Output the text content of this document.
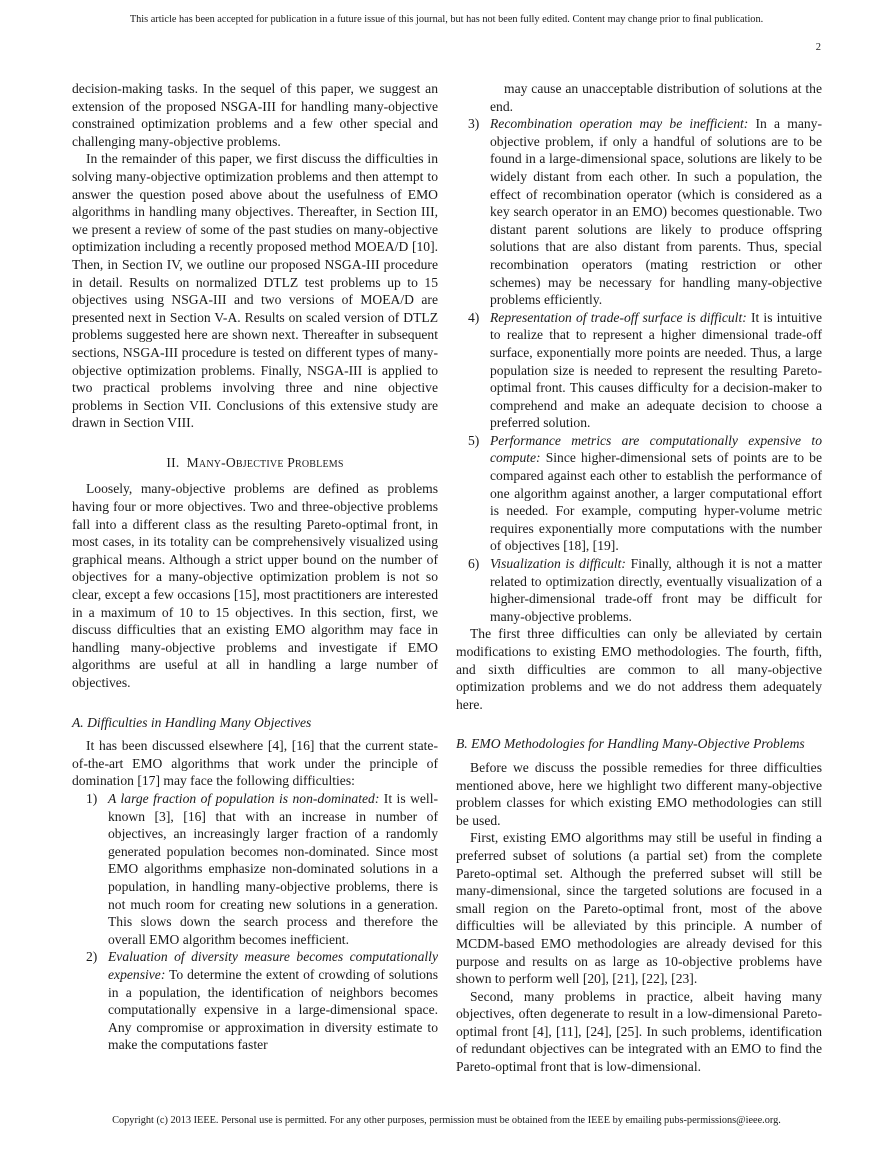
This article has been accepted for publication in a future issue of this journal, but has not been fully edited. Content may change prior to final publication.
2

decision-making tasks. In the sequel of this paper, we suggest an extension of the proposed NSGA-III for handling many-objective constrained optimization problems and a few other special and challenging many-objective problems.

In the remainder of this paper, we first discuss the difficulties in solving many-objective optimization problems and then attempt to answer the question posed above about the usefulness of EMO algorithms in handling many objectives. Thereafter, in Section III, we present a review of some of the past studies on many-objective optimization including a recently proposed method MOEA/D [10]. Then, in Section IV, we outline our proposed NSGA-III procedure in detail. Results on normalized DTLZ test problems up to 15 objectives using NSGA-III and two versions of MOEA/D are presented next in Section V-A. Results on scaled version of DTLZ problems suggested here are shown next. Thereafter in subsequent sections, NSGA-III procedure is tested on different types of many-objective optimization problems. Finally, NSGA-III is applied to two practical problems involving three and nine objective problems in Section VII. Conclusions of this extensive study are drawn in Section VIII.

II. Many-Objective Problems

Loosely, many-objective problems are defined as problems having four or more objectives. Two and three-objective problems fall into a different class as the resulting Pareto-optimal front, in most cases, in its totality can be comprehensively visualized using graphical means. Although a strict upper bound on the number of objectives for a many-objective optimization problem is not so clear, except a few occasions [15], most practitioners are interested in a maximum of 10 to 15 objectives. In this section, first, we discuss difficulties that an existing EMO algorithm may face in handling many-objective problems and investigate if EMO algorithms are useful at all in handling a large number of objectives.

A. Difficulties in Handling Many Objectives

It has been discussed elsewhere [4], [16] that the current state-of-the-art EMO algorithms that work under the principle of domination [17] may face the following difficulties:

1) A large fraction of population is non-dominated: It is well-known [3], [16] that with an increase in number of objectives, an increasingly larger fraction of a randomly generated population becomes non-dominated. Since most EMO algorithms emphasize non-dominated solutions in a population, in handling many-objective problems, there is not much room for creating new solutions in a generation. This slows down the search process and therefore the overall EMO algorithm becomes inefficient.
2) Evaluation of diversity measure becomes computationally expensive: To determine the extent of crowding of solutions in a population, the identification of neighbors becomes computationally expensive in a large-dimensional space. Any compromise or approximation in diversity estimate to make the computations faster

may cause an unacceptable distribution of solutions at the end.

3) Recombination operation may be inefficient: In a many-objective problem, if only a handful of solutions are to be found in a large-dimensional space, solutions are likely to be widely distant from each other. In such a population, the effect of recombination operator (which is considered as a key search operator in an EMO) becomes questionable. Two distant parent solutions are likely to produce offspring solutions that are also distant from parents. Thus, special recombination operators (mating restriction or other schemes) may be necessary for handling many-objective problems efficiently.
4) Representation of trade-off surface is difficult: It is intuitive to realize that to represent a higher dimensional trade-off surface, exponentially more points are needed. Thus, a large population size is needed to represent the resulting Pareto-optimal front. This causes difficulty for a decision-maker to comprehend and make an adequate decision to choose a preferred solution.
5) Performance metrics are computationally expensive to compute: Since higher-dimensional sets of points are to be compared against each other to establish the performance of one algorithm against another, a larger computational effort is needed. For example, computing hyper-volume metric requires exponentially more computations with the number of objectives [18], [19].
6) Visualization is difficult: Finally, although it is not a matter related to optimization directly, eventually visualization of a higher-dimensional trade-off front may be difficult for many-objective problems.

The first three difficulties can only be alleviated by certain modifications to existing EMO methodologies. The fourth, fifth, and sixth difficulties are common to all many-objective optimization problems and we do not address them adequately here.

B. EMO Methodologies for Handling Many-Objective Problems

Before we discuss the possible remedies for three difficulties mentioned above, here we highlight two different many-objective problem classes for which existing EMO methodologies can still be used.

First, existing EMO algorithms may still be useful in finding a preferred subset of solutions (a partial set) from the complete Pareto-optimal set. Although the preferred subset will still be many-dimensional, since the targeted solutions are focused in a small region on the Pareto-optimal front, most of the above difficulties will be alleviated by this principle. A number of MCDM-based EMO methodologies are already devised for this purpose and results on as large as 10-objective problems have shown to perform well [20], [21], [22], [23].

Second, many problems in practice, albeit having many objectives, often degenerate to result in a low-dimensional Pareto-optimal front [4], [11], [24], [25]. In such problems, identification of redundant objectives can be integrated with an EMO to find the Pareto-optimal front that is low-dimensional.

Copyright (c) 2013 IEEE. Personal use is permitted. For any other purposes, permission must be obtained from the IEEE by emailing pubs-permissions@ieee.org.
